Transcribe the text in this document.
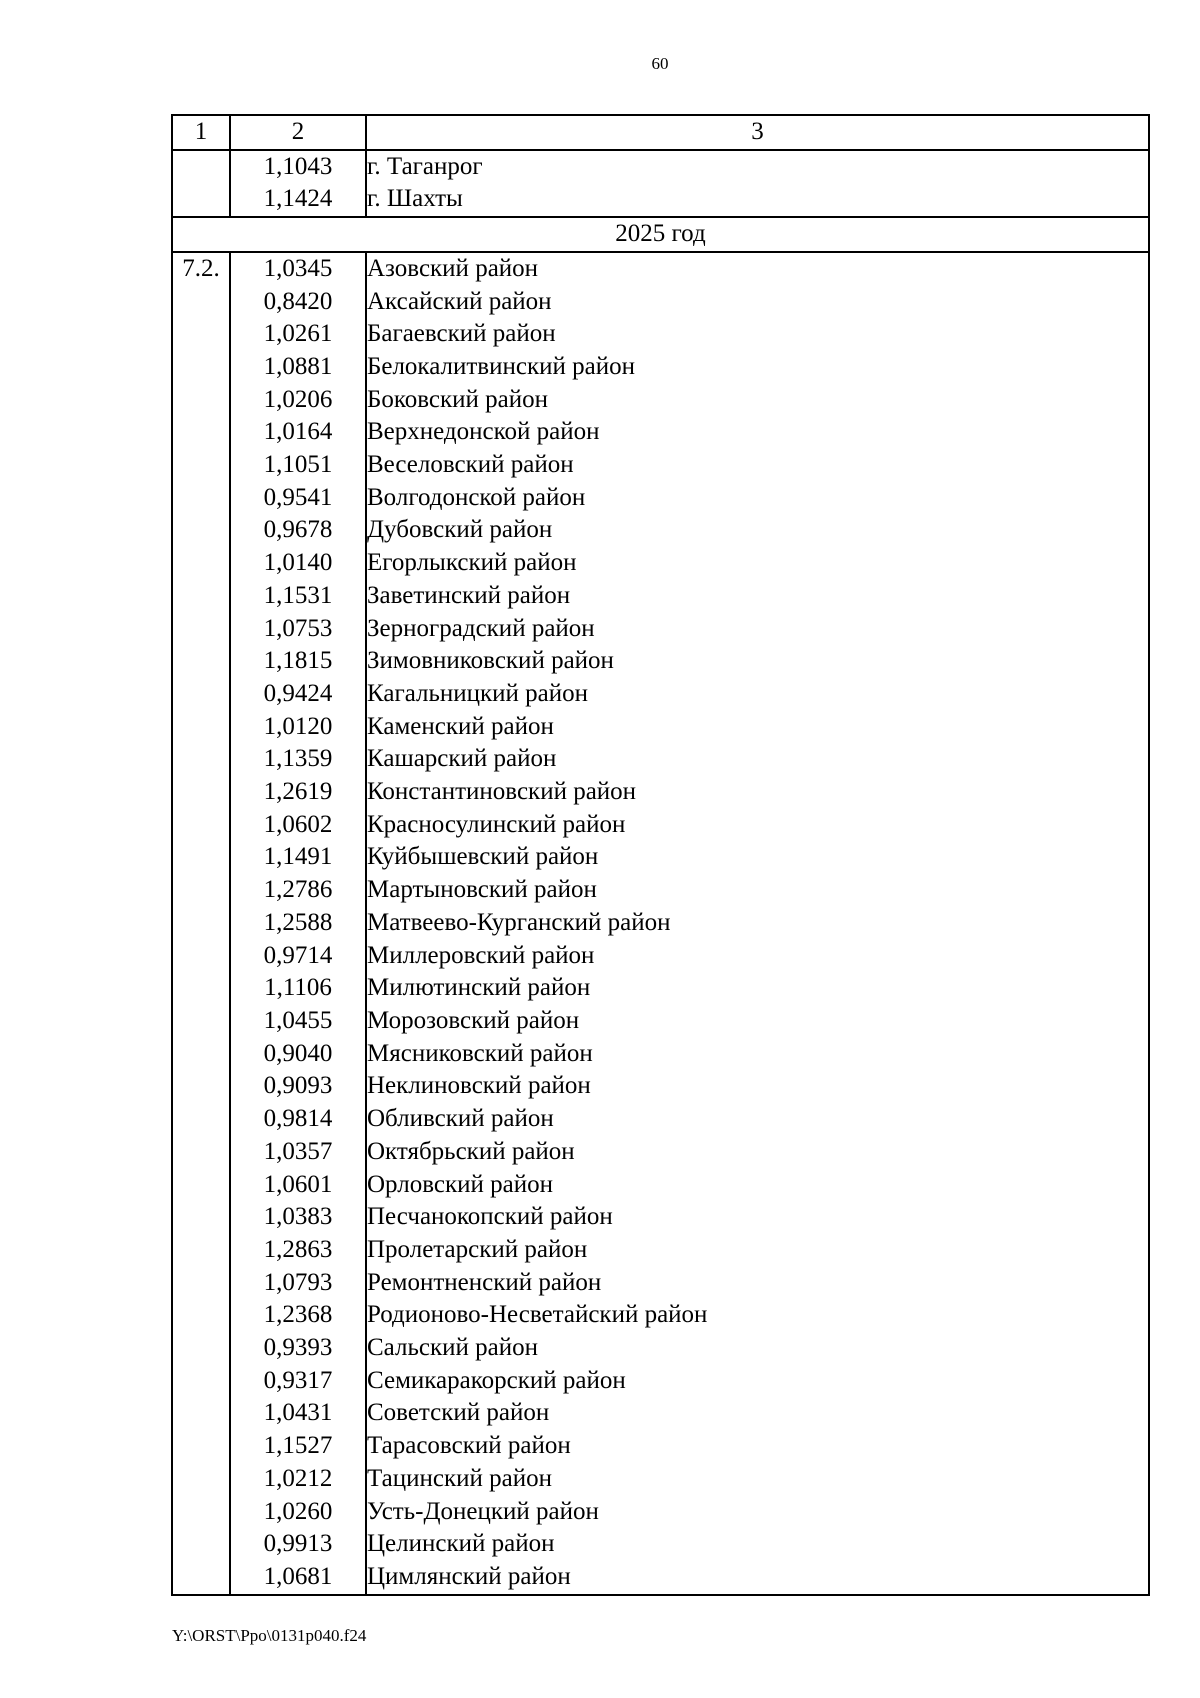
60
1	2	3
	1,1043	г. Таганрог
	1,1424	г. Шахты
2025 год		
7.2.	1,0345	Азовский район
	0,8420	Аксайский район
	1,0261	Багаевский район
	1,0881	Белокалитвинский район
	1,0206	Боковский район
	1,0164	Верхнедонской район
	1,1051	Веселовский район
	0,9541	Волгодонской район
	0,9678	Дубовский район
	1,0140	Егорлыкский район
	1,1531	Заветинский район
	1,0753	Зерноградский район
	1,1815	Зимовниковский район
	0,9424	Кагальницкий район
	1,0120	Каменский район
	1,1359	Кашарский район
	1,2619	Константиновский район
	1,0602	Красносулинский район
	1,1491	Куйбышевский район
	1,2786	Мартыновский район
	1,2588	Матвеево-Курганский район
	0,9714	Миллеровский район
	1,1106	Милютинский район
	1,0455	Морозовский район
	0,9040	Мясниковский район
	0,9093	Неклиновский район
	0,9814	Обливский район
	1,0357	Октябрьский район
	1,0601	Орловский район
	1,0383	Песчанокопский район
	1,2863	Пролетарский район
	1,0793	Ремонтненский район
	1,2368	Родионово-Несветайский район
	0,9393	Сальский район
	0,9317	Семикаракорский район
	1,0431	Советский район
	1,1527	Тарасовский район
	1,0212	Тацинский район
	1,0260	Усть-Донецкий район
	0,9913	Целинский район
	1,0681	Цимлянский район
Y:\ORST\Ppo\0131p040.f24
